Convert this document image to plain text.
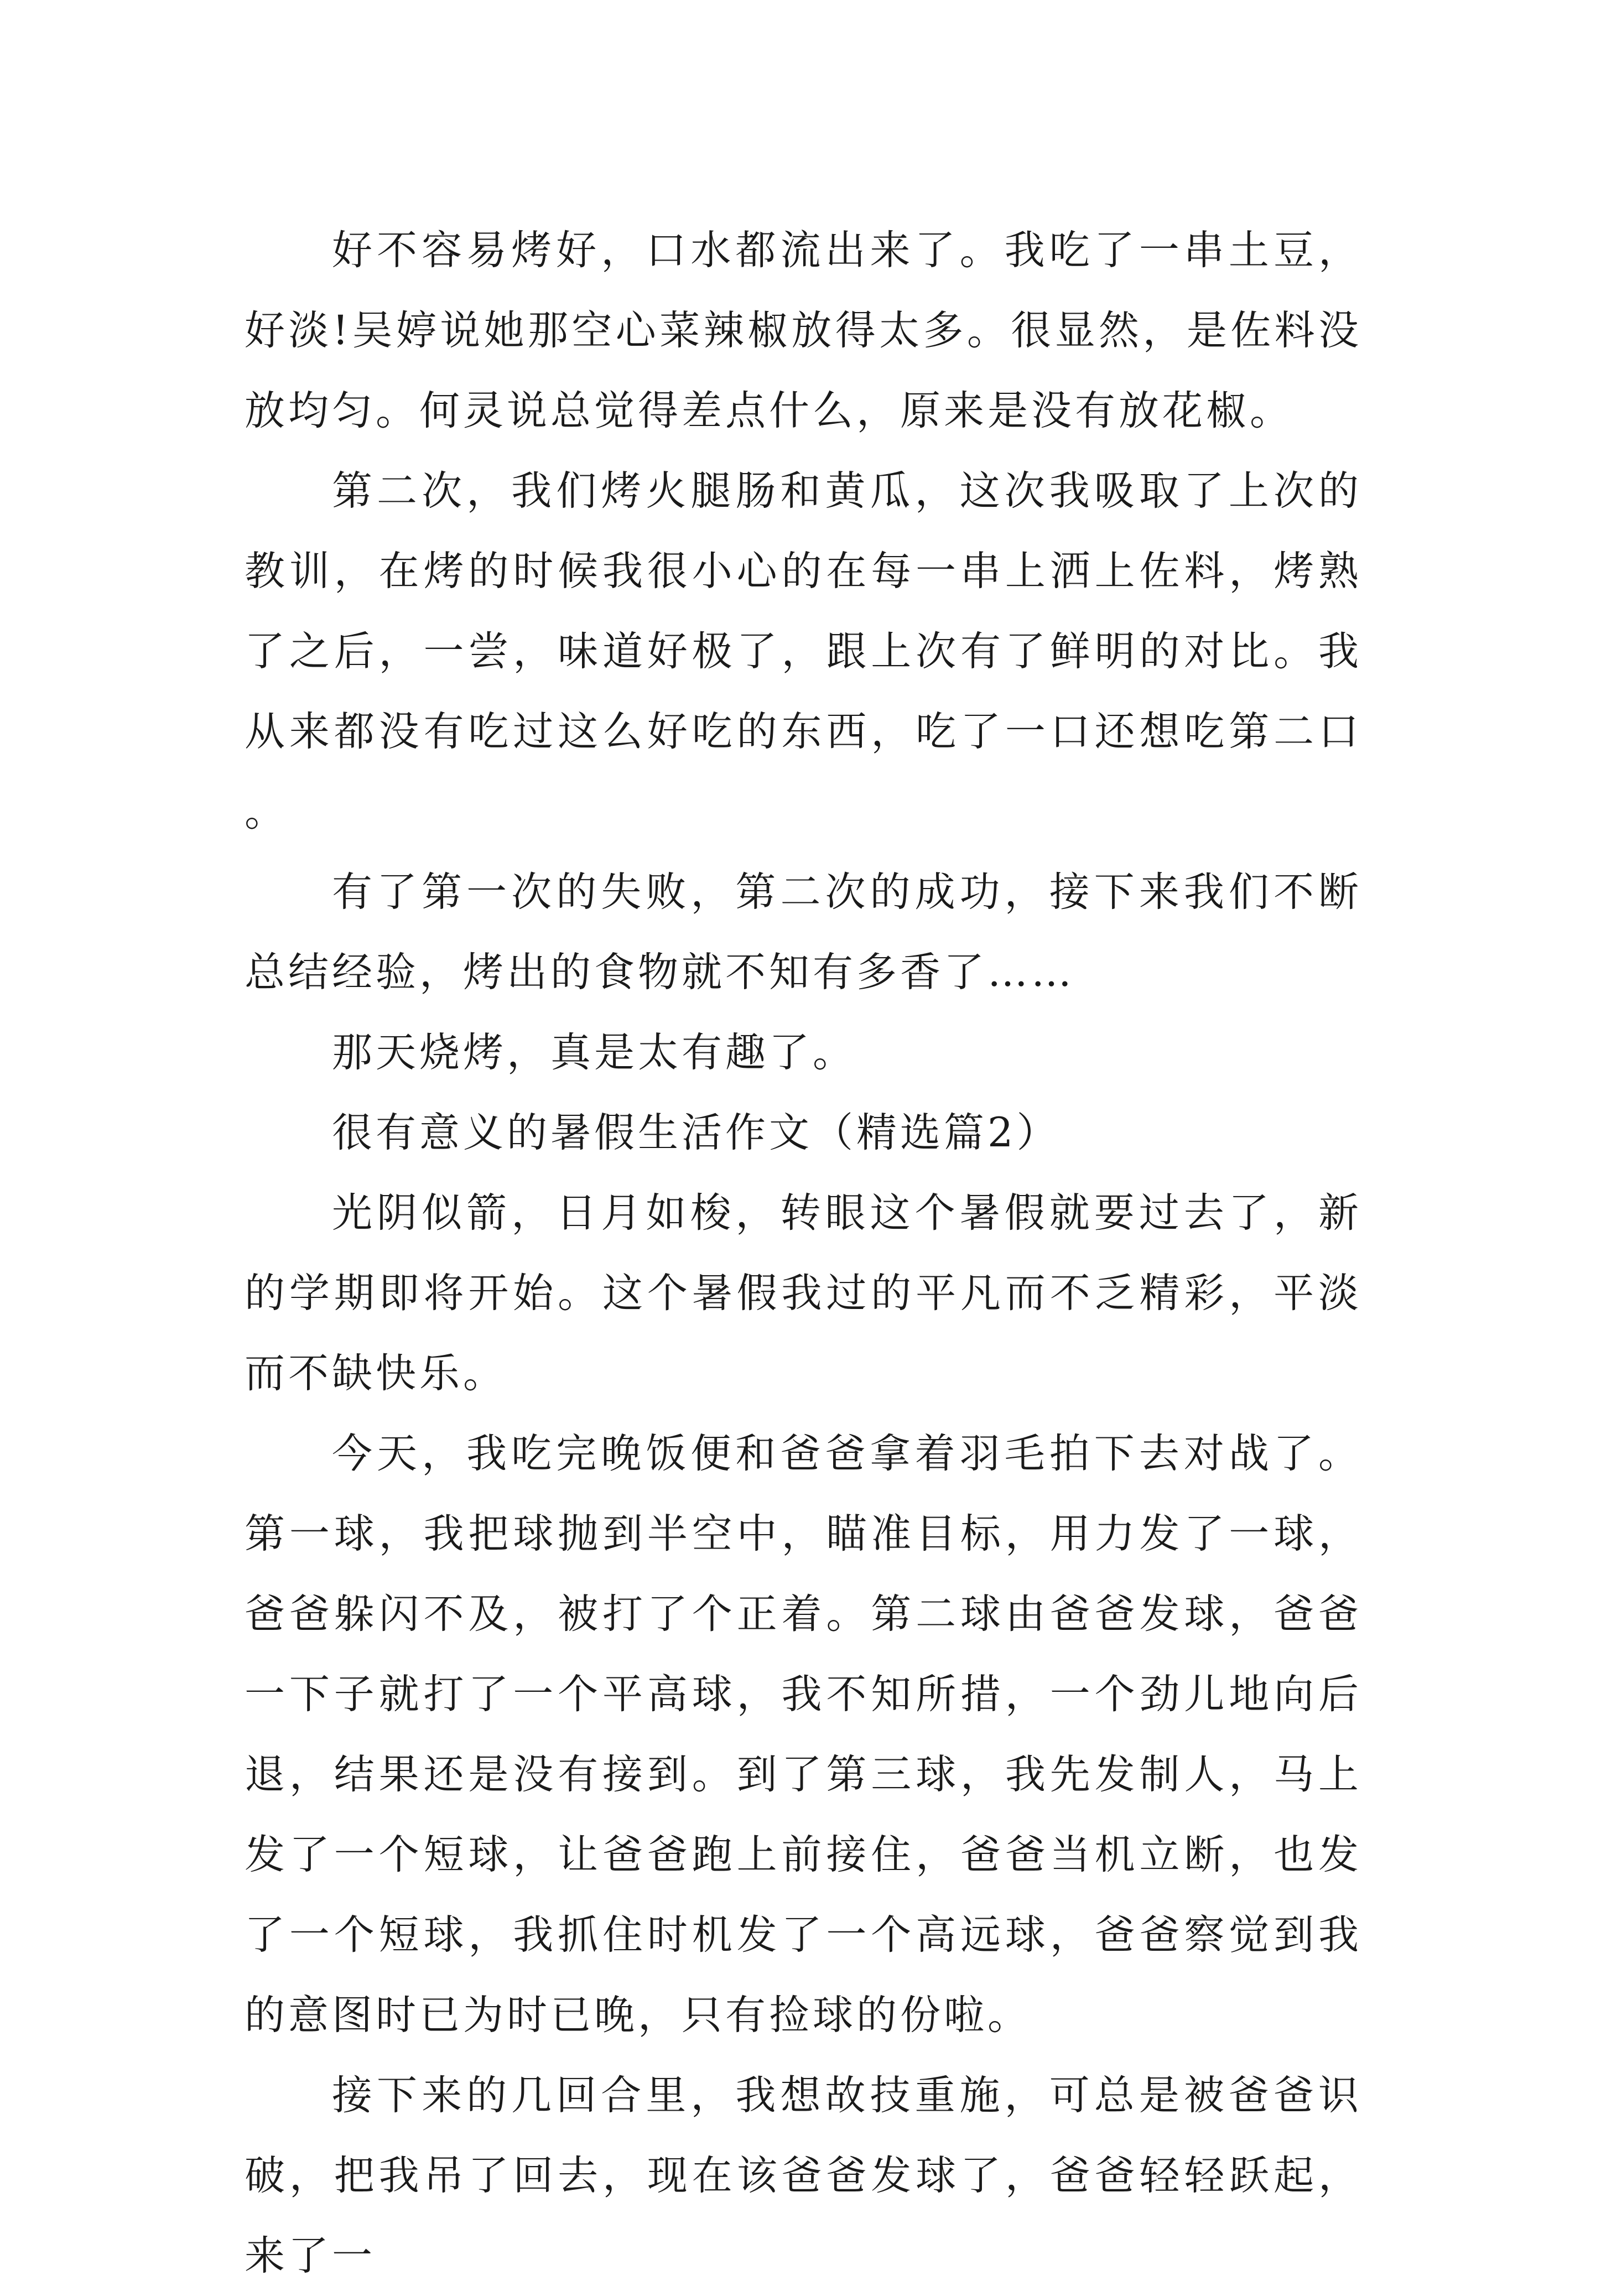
好不容易烤好，口水都流出来了。我吃了一串土豆，好淡!吴婷说她那空心菜辣椒放得太多。很显然，是佐料没放均匀。何灵说总觉得差点什么，原来是没有放花椒。

第二次，我们烤火腿肠和黄瓜，这次我吸取了上次的教训，在烤的时候我很小心的在每一串上洒上佐料，烤熟了之后，一尝，味道好极了，跟上次有了鲜明的对比。我从来都没有吃过这么好吃的东西，吃了一口还想吃第二口。

有了第一次的失败，第二次的成功，接下来我们不断总结经验，烤出的食物就不知有多香了……

那天烧烤，真是太有趣了。

很有意义的暑假生活作文（精选篇2）

光阴似箭，日月如梭，转眼这个暑假就要过去了，新的学期即将开始。这个暑假我过的平凡而不乏精彩，平淡而不缺快乐。

今天，我吃完晚饭便和爸爸拿着羽毛拍下去对战了。第一球，我把球抛到半空中，瞄准目标，用力发了一球，爸爸躲闪不及，被打了个正着。第二球由爸爸发球，爸爸一下子就打了一个平高球，我不知所措，一个劲儿地向后退，结果还是没有接到。到了第三球，我先发制人，马上发了一个短球，让爸爸跑上前接住，爸爸当机立断，也发了一个短球，我抓住时机发了一个高远球，爸爸察觉到我的意图时已为时已晚，只有捡球的份啦。

接下来的几回合里，我想故技重施，可总是被爸爸识破，把我吊了回去，现在该爸爸发球了，爸爸轻轻跃起，来了一
